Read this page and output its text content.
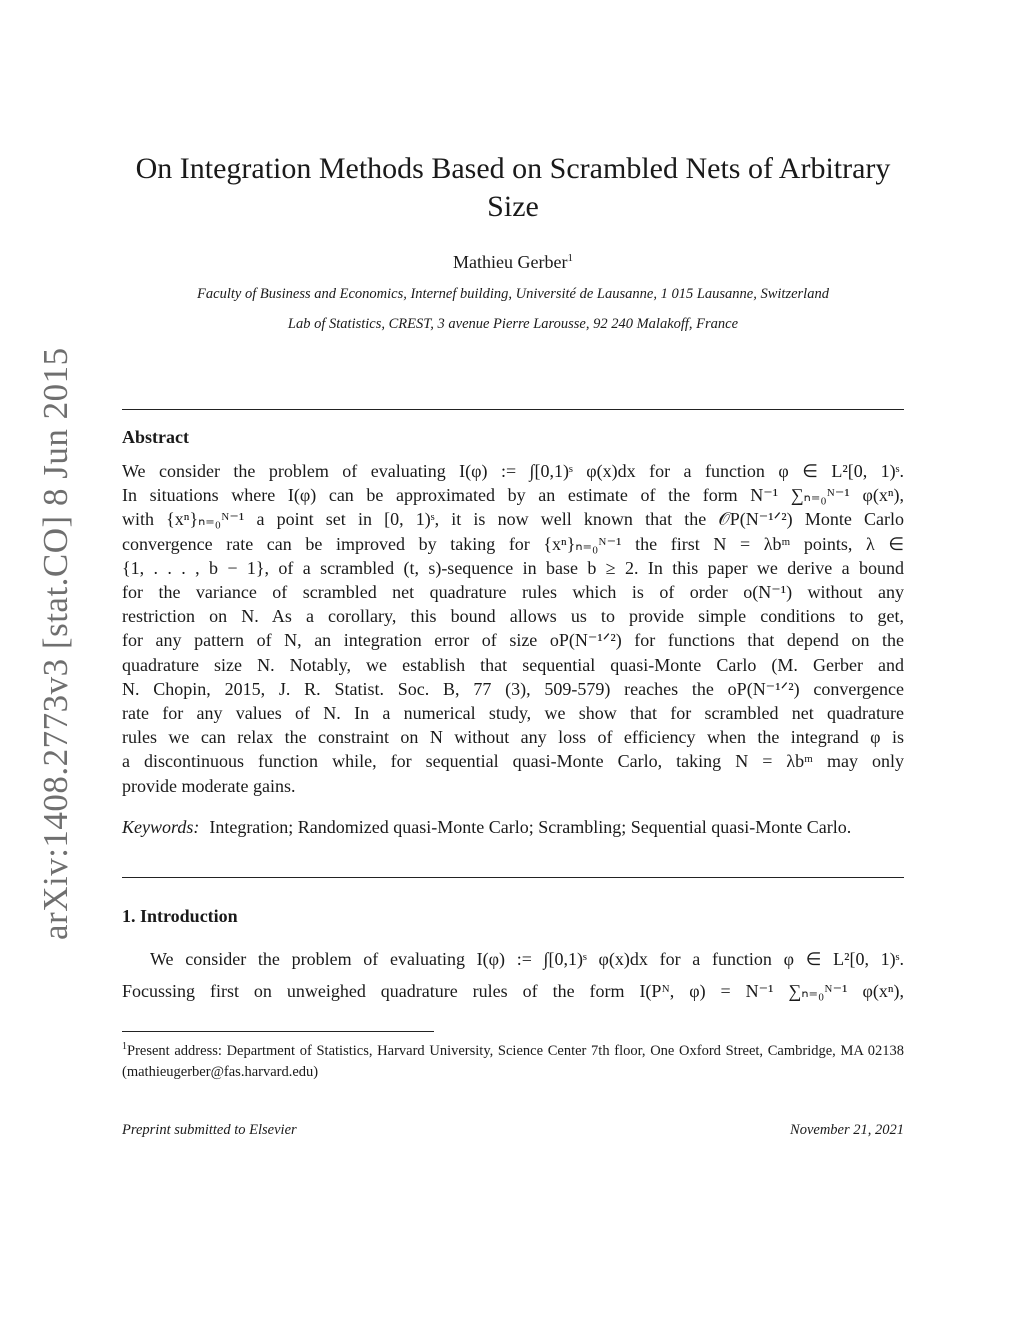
arXiv:1408.2773v3 [stat.CO] 8 Jun 2015
On Integration Methods Based on Scrambled Nets of Arbitrary Size
Mathieu Gerber$^1$
Faculty of Business and Economics, Internef building, Université de Lausanne, 1 015 Lausanne, Switzerland
Lab of Statistics, CREST, 3 avenue Pierre Larousse, 92 240 Malakoff, France
Abstract

We consider the problem of evaluating I(φ) := ∫[0,1)ˢ φ(x)dx for a function φ ∈ L²[0, 1)ˢ.
In situations where I(φ) can be approximated by an estimate of the form N⁻¹ ∑ₙ₌₀ᴺ⁻¹ φ(xⁿ),
with {xⁿ}ₙ₌₀ᴺ⁻¹ a point set in [0, 1)ˢ, it is now well known that the 𝒪P(N⁻¹ᐟ²) Monte Carlo
convergence rate can be improved by taking for {xⁿ}ₙ₌₀ᴺ⁻¹ the first N = λbᵐ points, λ ∈
{1, . . . , b − 1}, of a scrambled (t, s)-sequence in base b ≥ 2. In this paper we derive a bound
for the variance of scrambled net quadrature rules which is of order o(N⁻¹) without any
restriction on N. As a corollary, this bound allows us to provide simple conditions to get,
for any pattern of N, an integration error of size oP(N⁻¹ᐟ²) for functions that depend on the
quadrature size N. Notably, we establish that sequential quasi-Monte Carlo (M. Gerber and
N. Chopin, 2015, J. R. Statist. Soc. B, 77 (3), 509-579) reaches the oP(N⁻¹ᐟ²) convergence
rate for any values of N. In a numerical study, we show that for scrambled net quadrature
rules we can relax the constraint on N without any loss of efficiency when the integrand φ is
a discontinuous function while, for sequential quasi-Monte Carlo, taking N = λbᵐ may only
provide moderate gains.

Keywords: Integration; Randomized quasi-Monte Carlo; Scrambling; Sequential quasi-Monte Carlo.
1. Introduction

We consider the problem of evaluating I(φ) := ∫[0,1)ˢ φ(x)dx for a function φ ∈ L²[0, 1)ˢ.
Focussing first on unweighed quadrature rules of the form I(Pᴺ, φ) = N⁻¹ ∑ₙ₌₀ᴺ⁻¹ φ(xⁿ),

$^1$Present address: Department of Statistics, Harvard University, Science Center 7th floor, One Oxford Street, Cambridge, MA 02138 (mathieugerber@fas.harvard.edu)
Preprint submitted to Elsevier	November 21, 2021
